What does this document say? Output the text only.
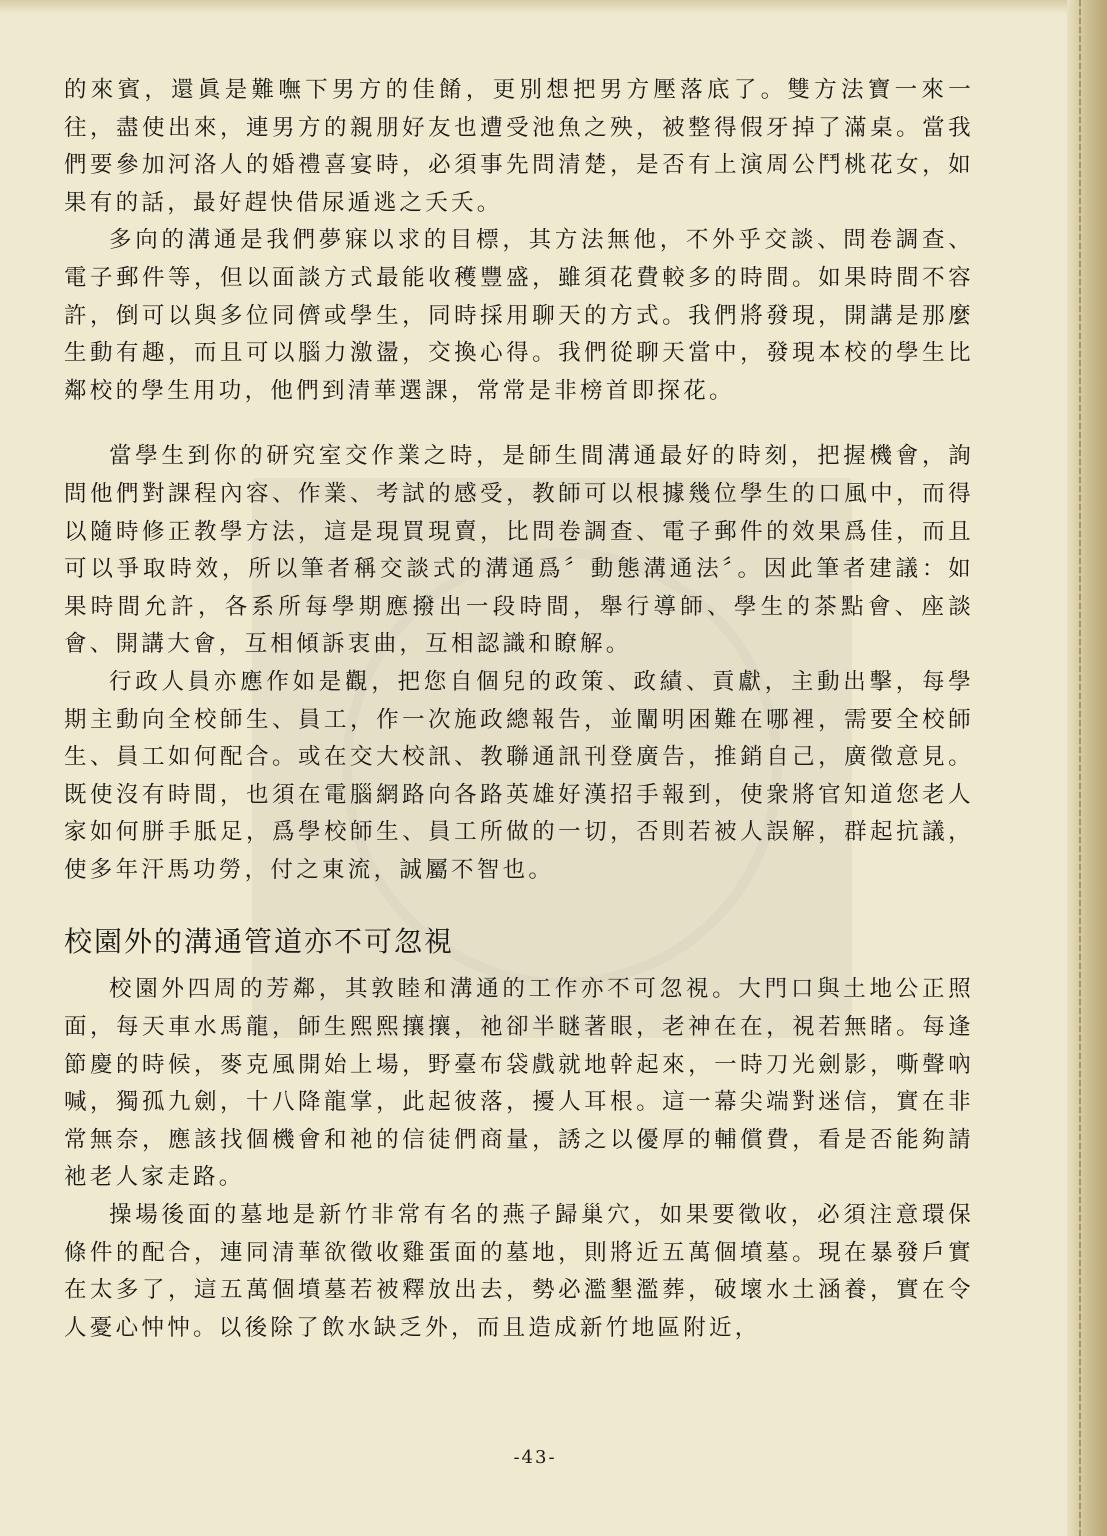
的來賓，還眞是難嘸下男方的佳餚，更別想把男方壓落底了。雙方法寶一來一往，盡使出來，連男方的親朋好友也遭受池魚之殃，被整得假牙掉了滿桌。當我們要參加河洛人的婚禮喜宴時，必須事先問清楚，是否有上演周公鬥桃花女，如果有的話，最好趕快借尿遁逃之夭夭。

多向的溝通是我們夢寐以求的目標，其方法無他，不外乎交談、問卷調查、電子郵件等，但以面談方式最能收穫豐盛，雖須花費較多的時間。如果時間不容許，倒可以與多位同儕或學生，同時採用聊天的方式。我們將發現，開講是那麼生動有趣，而且可以腦力激盪，交換心得。我們從聊天當中，發現本校的學生比鄰校的學生用功，他們到清華選課，常常是非榜首即探花。

當學生到你的研究室交作業之時，是師生間溝通最好的時刻，把握機會，詢問他們對課程內容、作業、考試的感受，教師可以根據幾位學生的口風中，而得以隨時修正教學方法，這是現買現賣，比問卷調查、電子郵件的效果爲佳，而且可以爭取時效，所以筆者稱交談式的溝通爲〞動態溝通法〞。因此筆者建議：如果時間允許，各系所每學期應撥出一段時間，舉行導師、學生的茶點會、座談會、開講大會，互相傾訴衷曲，互相認識和瞭解。

行政人員亦應作如是觀，把您自個兒的政策、政績、貢獻，主動出擊，每學期主動向全校師生、員工，作一次施政總報告，並闡明困難在哪裡，需要全校師生、員工如何配合。或在交大校訊、教聯通訊刊登廣告，推銷自己，廣徵意見。既使沒有時間，也須在電腦網路向各路英雄好漢招手報到，使衆將官知道您老人家如何胼手胝足，爲學校師生、員工所做的一切，否則若被人誤解，群起抗議，使多年汗馬功勞，付之東流，誠屬不智也。

校園外的溝通管道亦不可忽視

校園外四周的芳鄰，其敦睦和溝通的工作亦不可忽視。大門口與土地公正照面，每天車水馬龍，師生熙熙攘攘，祂卻半瞇著眼，老神在在，視若無睹。每逢節慶的時候，麥克風開始上場，野臺布袋戲就地幹起來，一時刀光劍影，嘶聲吶喊，獨孤九劍，十八降龍掌，此起彼落，擾人耳根。這一幕尖端對迷信，實在非常無奈，應該找個機會和祂的信徒們商量，誘之以優厚的輔償費，看是否能夠請祂老人家走路。

操場後面的墓地是新竹非常有名的燕子歸巢穴，如果要徵收，必須注意環保條件的配合，連同清華欲徵收雞蛋面的墓地，則將近五萬個墳墓。現在暴發戶實在太多了，這五萬個墳墓若被釋放出去，勢必濫墾濫葬，破壞水土涵養，實在令人憂心忡忡。以後除了飲水缺乏外，而且造成新竹地區附近，

-43-
